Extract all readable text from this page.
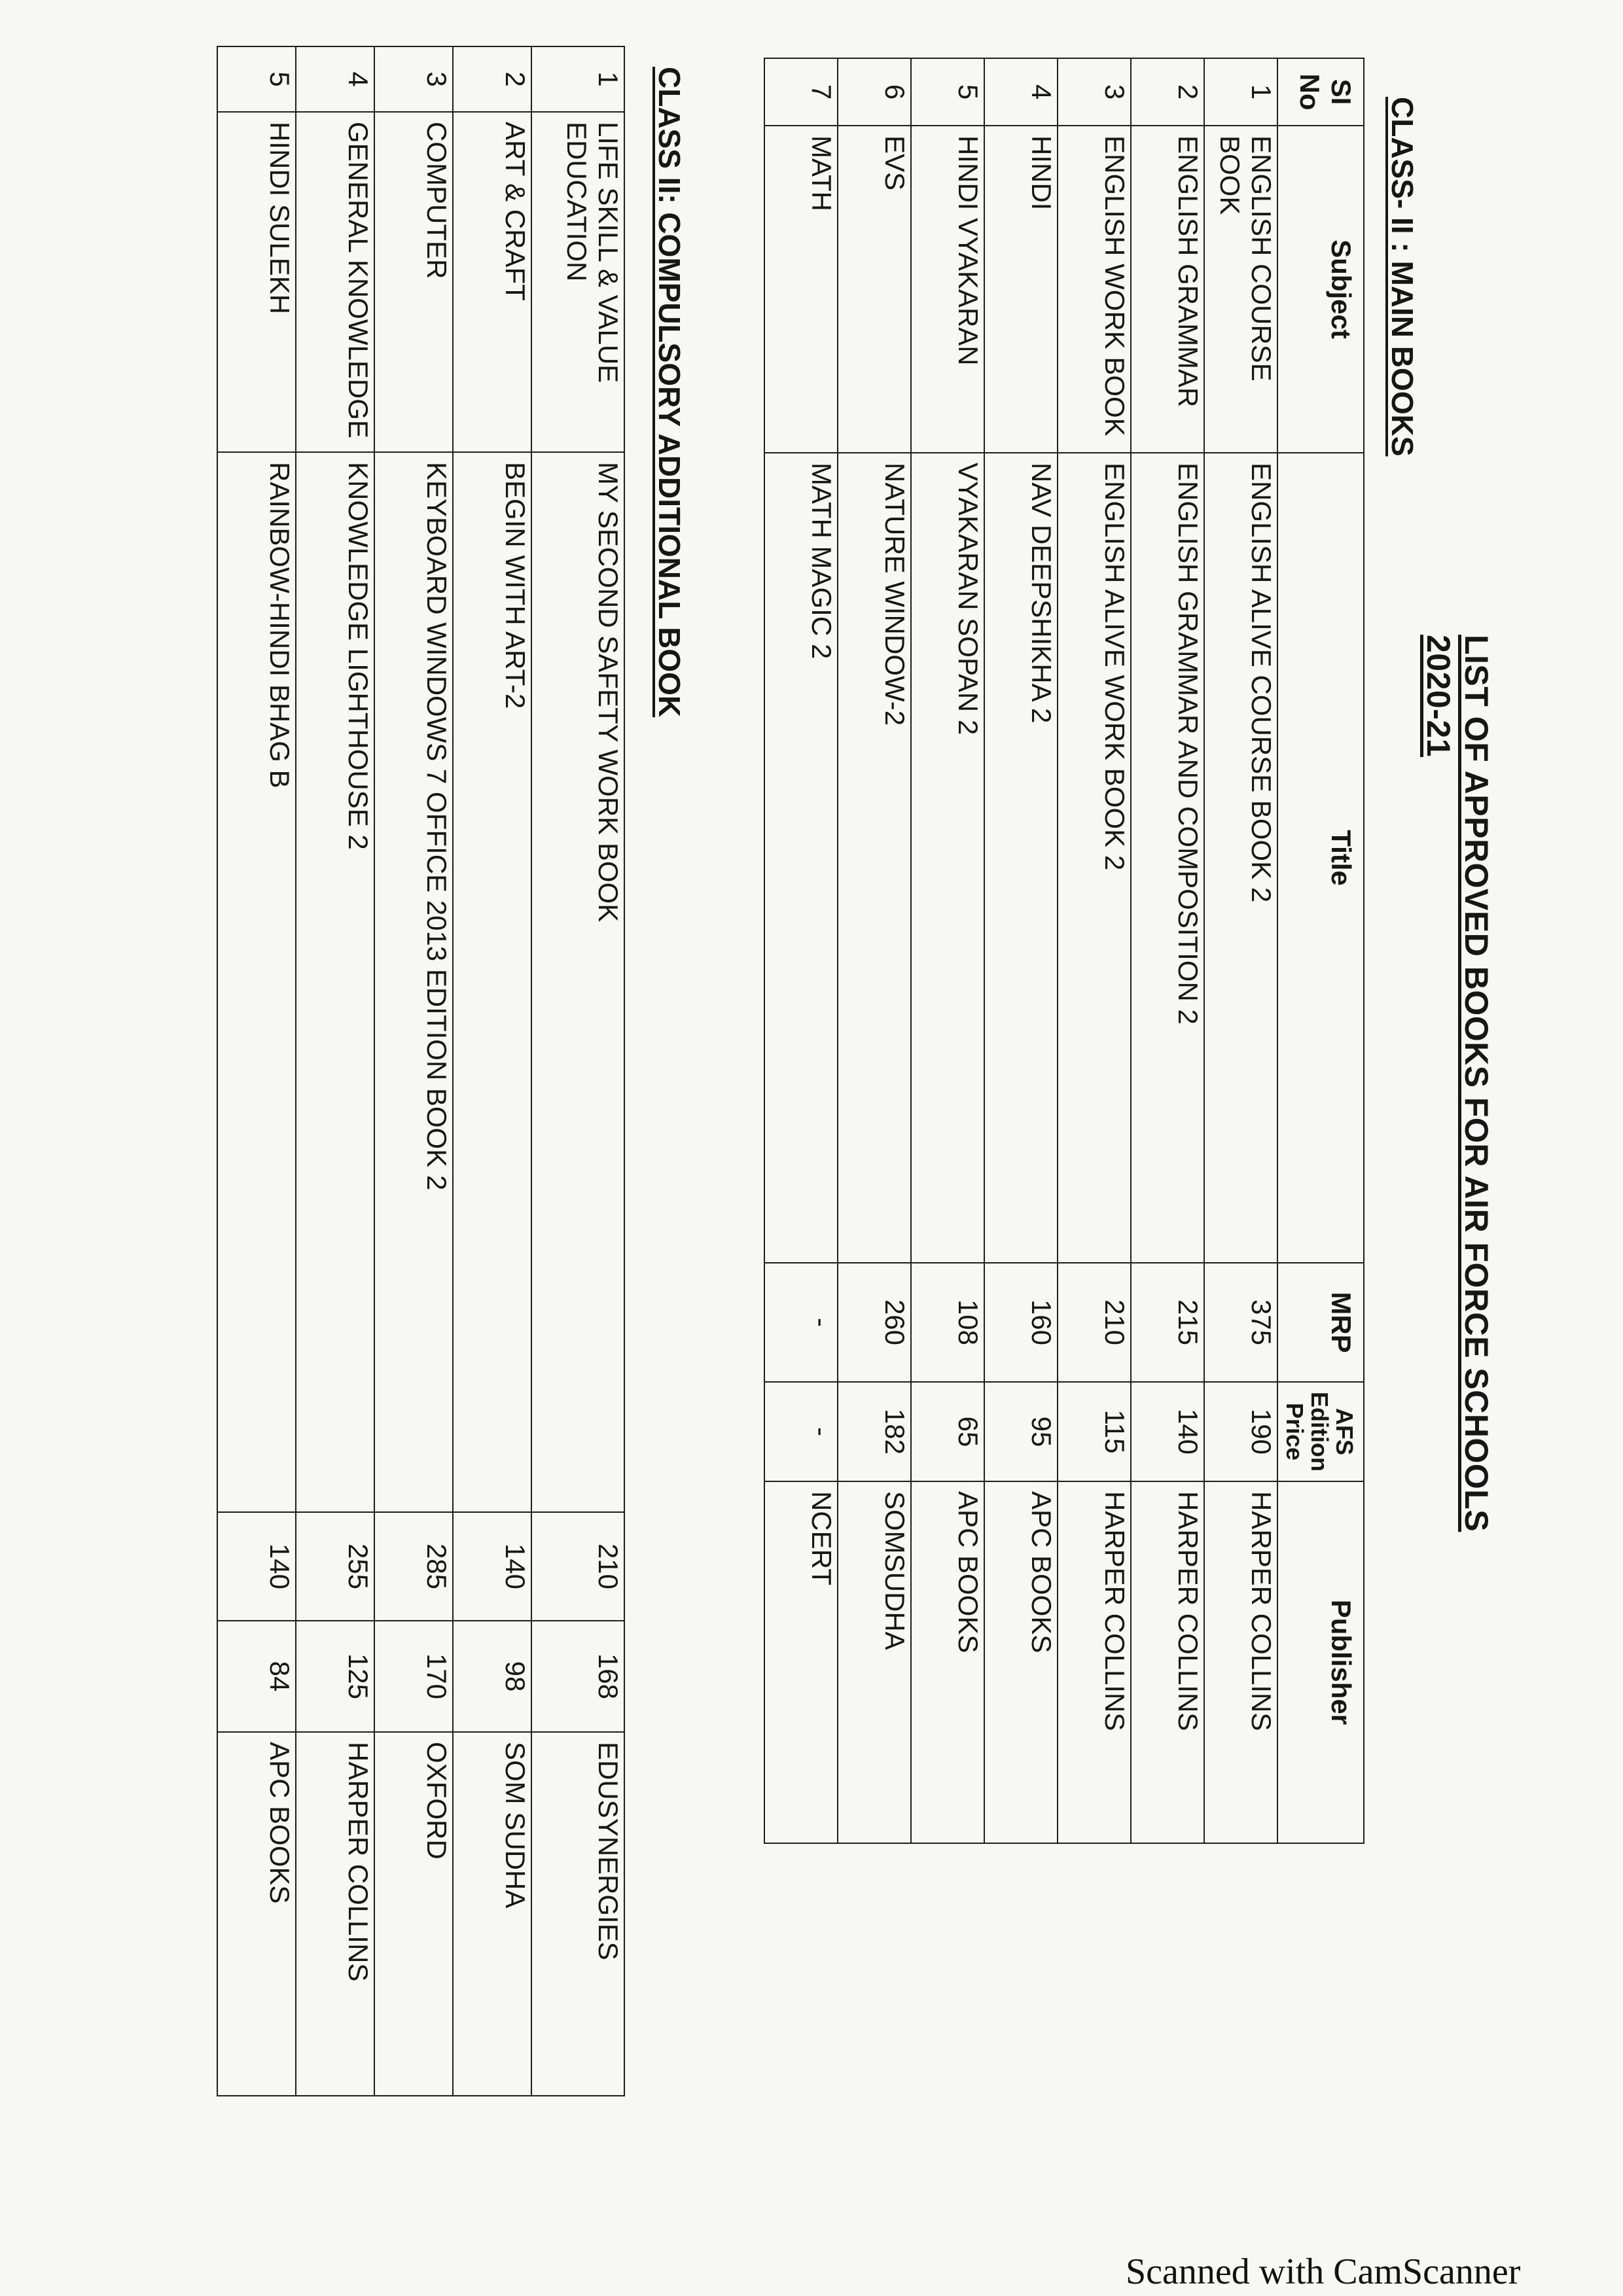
LIST OF APPROVED BOOKS FOR AIR FORCE SCHOOLS 2020-21
CLASS- II : MAIN BOOKS
SI No	Subject	Title	MRP	AFS Edition Price	Publisher
1	ENGLISH COURSE BOOK	ENGLISH ALIVE COURSE BOOK 2	375	190	HARPER COLLINS
2	ENGLISH GRAMMAR	ENGLISH GRAMMAR AND COMPOSITION 2	215	140	HARPER COLLINS
3	ENGLISH WORK BOOK	ENGLISH ALIVE WORK BOOK 2	210	115	HARPER COLLINS
4	HINDI	NAV DEEPSHIKHA 2	160	95	APC BOOKS
5	HINDI VYAKARAN	VYAKARAN SOPAN 2	108	65	APC BOOKS
6	EVS	NATURE WINDOW-2	260	182	SOMSUDHA
7	MATH	MATH MAGIC 2	-	-	NCERT
CLASS II: COMPULSORY ADDITIONAL BOOK
1	LIFE SKILL & VALUE EDUCATION	MY SECOND SAFETY WORK BOOK	210	168	EDUSYNERGIES
2	ART & CRAFT	BEGIN WITH ART-2	140	98	SOM SUDHA
3	COMPUTER	KEYBOARD WINDOWS 7 OFFICE 2013 EDITION BOOK 2	285	170	OXFORD
4	GENERAL KNOWLEDGE	KNOWLEDGE LIGHTHOUSE 2	255	125	HARPER COLLINS
5	HINDI SULEKH	RAINBOW-HINDI BHAG B	140	84	APC BOOKS
Scanned with CamScanner
